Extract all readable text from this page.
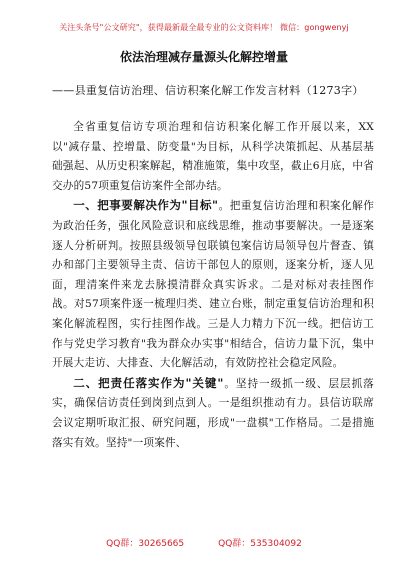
关注头条号"公文研究"，获得最新最全最专业的公文资料库！ 微信：gongwenyj
依法治理减存量源头化解控增量
——县重复信访治理、信访积案化解工作发言材料（1273字）

全省重复信访专项治理和信访积案化解工作开展以来，XX以"减存量、控增量、防变量"为目标，从科学决策抓起、从基层基础强起、从历史积案解起，精准施策，集中攻坚，截止6月底，中省交办的57项重复信访案件全部办结。

一、把事要解决作为"目标"。把重复信访治理和积案化解作为政治任务，强化风险意识和底线思维，推动事要解决。一是逐案逐人分析研判。按照县级领导包联镇包案信访局领导包片督查、镇办和部门主要领导主责、信访干部包人的原则，逐案分析，逐人见面，理清案件来龙去脉摸清群众真实诉求。二是对标对表挂图作战。对57项案件逐一梳理归类、建立台账，制定重复信访治理和积案化解流程图，实行挂图作战。三是人力精力下沉一线。把信访工作与党史学习教育"我为群众办实事"相结合，信访力量下沉，集中开展大走访、大排查、大化解活动，有效防控社会稳定风险。

二、把责任落实作为"关键"。坚持一级抓一级、层层抓落实，确保信访责任到岗到点到人。一是组织推动有力。县信访联席会议定期听取汇报、研究问题，形成"一盘棋"工作格局。二是措施落实有效。坚持"一项案件、

QQ群：30265665	QQ群：535304092
